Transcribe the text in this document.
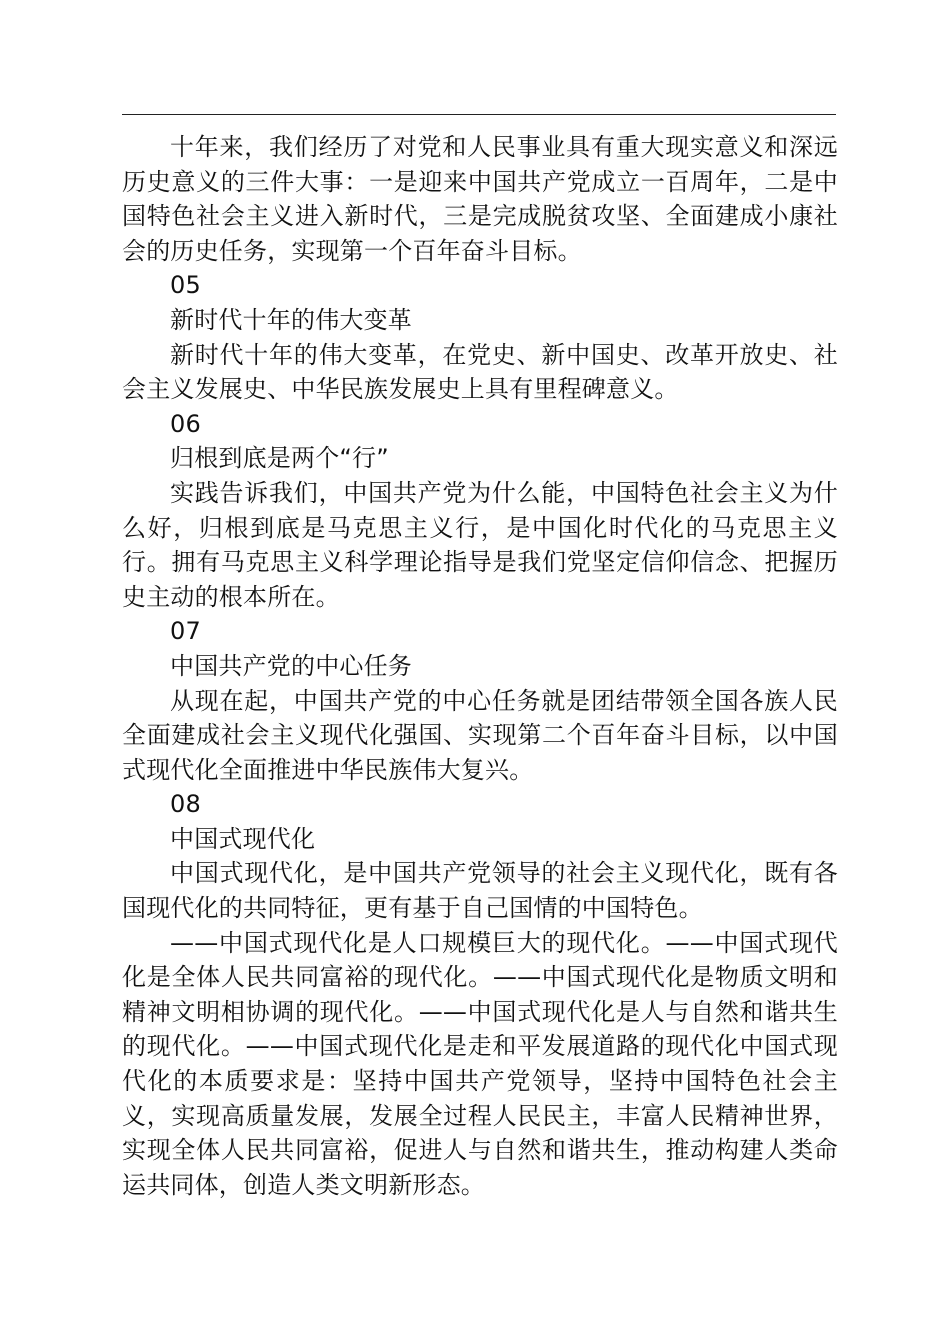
十年来，我们经历了对党和人民事业具有重大现实意义和深远历史意义的三件大事：一是迎来中国共产党成立一百周年，二是中国特色社会主义进入新时代，三是完成脱贫攻坚、全面建成小康社会的历史任务，实现第一个百年奋斗目标。

05

新时代十年的伟大变革

新时代十年的伟大变革，在党史、新中国史、改革开放史、社会主义发展史、中华民族发展史上具有里程碑意义。

06

归根到底是两个“行”

实践告诉我们，中国共产党为什么能，中国特色社会主义为什么好，归根到底是马克思主义行，是中国化时代化的马克思主义行。拥有马克思主义科学理论指导是我们党坚定信仰信念、把握历史主动的根本所在。

07

中国共产党的中心任务

从现在起，中国共产党的中心任务就是团结带领全国各族人民全面建成社会主义现代化强国、实现第二个百年奋斗目标，以中国式现代化全面推进中华民族伟大复兴。

08

中国式现代化

中国式现代化，是中国共产党领导的社会主义现代化，既有各国现代化的共同特征，更有基于自己国情的中国特色。

——中国式现代化是人口规模巨大的现代化。——中国式现代化是全体人民共同富裕的现代化。——中国式现代化是物质文明和精神文明相协调的现代化。——中国式现代化是人与自然和谐共生的现代化。——中国式现代化是走和平发展道路的现代化中国式现代化的本质要求是：坚持中国共产党领导，坚持中国特色社会主义，实现高质量发展，发展全过程人民民主，丰富人民精神世界，实现全体人民共同富裕，促进人与自然和谐共生，推动构建人类命运共同体，创造人类文明新形态。
